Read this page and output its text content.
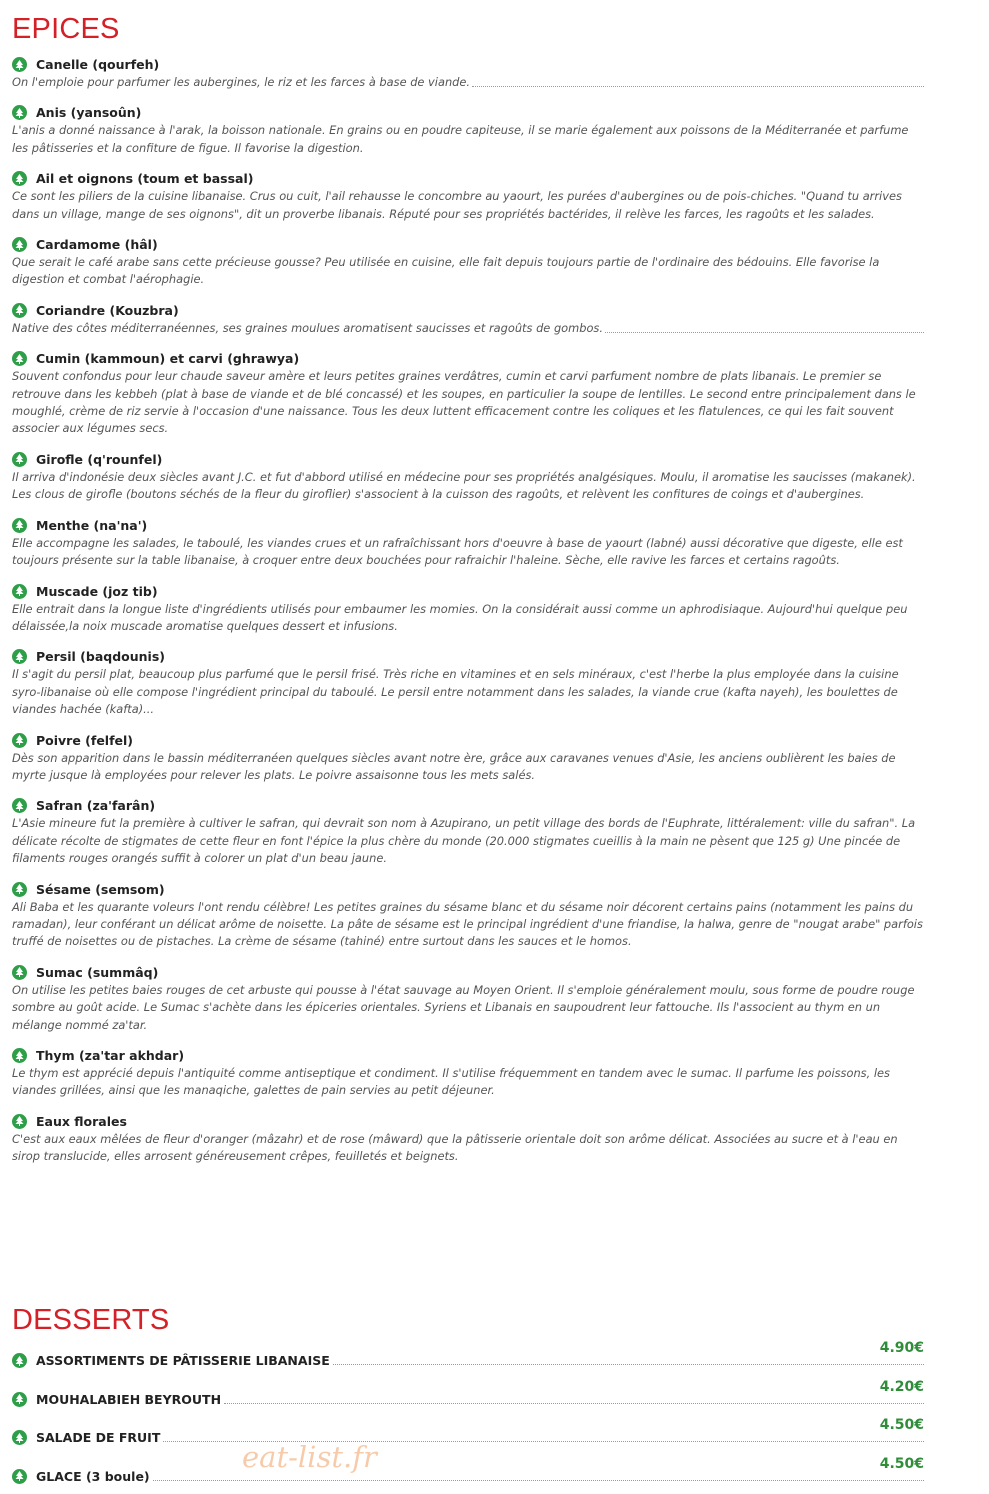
EPICES
Canelle (qourfeh)
On l'emploie pour parfumer les aubergines, le riz et les farces à base de viande.
Anis (yansoûn)
L'anis a donné naissance à l'arak, la boisson nationale. En grains ou en poudre capiteuse, il se marie également aux poissons de la Méditerranée et parfume les pâtisseries et la confiture de figue. Il favorise la digestion.
Ail et oignons (toum et bassal)
Ce sont les piliers de la cuisine libanaise. Crus ou cuit, l'ail rehausse le concombre au yaourt, les purées d'aubergines ou de pois-chiches. "Quand tu arrives dans un village, mange de ses oignons", dit un proverbe libanais. Réputé pour ses propriétés bactérides, il relève les farces, les ragoûts et les salades.
Cardamome (hâl)
Que serait le café arabe sans cette précieuse gousse? Peu utilisée en cuisine, elle fait depuis toujours partie de l'ordinaire des bédouins. Elle favorise la digestion et combat l'aérophagie.
Coriandre (Kouzbra)
Native des côtes méditerranéennes, ses graines moulues aromatisent saucisses et ragoûts de gombos.
Cumin (kammoun) et carvi (ghrawya)
Souvent confondus pour leur chaude saveur amère et leurs petites graines verdâtres, cumin et carvi parfument nombre de plats libanais. Le premier se retrouve dans les kebbeh (plat à base de viande et de blé concassé) et les soupes, en particulier la soupe de lentilles. Le second entre principalement dans le moughlé, crème de riz servie à l'occasion d'une naissance. Tous les deux luttent efficacement contre les coliques et les flatulences, ce qui les fait souvent associer aux légumes secs.
Girofle (q'rounfel)
Il arriva d'indonésie deux siècles avant J.C. et fut d'abbord utilisé en médecine pour ses propriétés analgésiques. Moulu, il aromatise les saucisses (makanek). Les clous de girofle (boutons séchés de la fleur du giroflier) s'associent à la cuisson des ragoûts, et relèvent les confitures de coings et d'aubergines.
Menthe (na'na')
Elle accompagne les salades, le taboulé, les viandes crues et un rafraîchissant hors d'oeuvre à base de yaourt (labné) aussi décorative que digeste, elle est toujours présente sur la table libanaise, à croquer entre deux bouchées pour rafraichir l'haleine. Sèche, elle ravive les farces et certains ragoûts.
Muscade (joz tib)
Elle entrait dans la longue liste d'ingrédients utilisés pour embaumer les momies. On la considérait aussi comme un aphrodisiaque. Aujourd'hui quelque peu délaissée,la noix muscade aromatise quelques dessert et infusions.
Persil (baqdounis)
Il s'agit du persil plat, beaucoup plus parfumé que le persil frisé. Très riche en vitamines et en sels minéraux, c'est l'herbe la plus employée dans la cuisine syro-libanaise où elle compose l'ingrédient principal du taboulé. Le persil entre notamment dans les salades, la viande crue (kafta nayeh), les boulettes de viandes hachée (kafta)...
Poivre (felfel)
Dès son apparition dans le bassin méditerranéen quelques siècles avant notre ère, grâce aux caravanes venues d'Asie, les anciens oublièrent les baies de myrte jusque là employées pour relever les plats. Le poivre assaisonne tous les mets salés.
Safran (za'farân)
L'Asie mineure fut la première à cultiver le safran, qui devrait son nom à Azupirano, un petit village des bords de l'Euphrate, littéralement: ville du safran". La délicate récolte de stigmates de cette fleur en font l'épice la plus chère du monde (20.000 stigmates cueillis à la main ne pèsent que 125 g) Une pincée de filaments rouges orangés suffit à colorer un plat d'un beau jaune.
Sésame (semsom)
Ali Baba et les quarante voleurs l'ont rendu célèbre! Les petites graines du sésame blanc et du sésame noir décorent certains pains (notamment les pains du ramadan), leur conférant un délicat arôme de noisette. La pâte de sésame est le principal ingrédient d'une friandise, la halwa, genre de "nougat arabe" parfois truffé de noisettes ou de pistaches. La crème de sésame (tahiné) entre surtout dans les sauces et le homos.
Sumac (summâq)
On utilise les petites baies rouges de cet arbuste qui pousse à l'état sauvage au Moyen Orient. Il s'emploie généralement moulu, sous forme de poudre rouge sombre au goût acide. Le Sumac s'achète dans les épiceries orientales. Syriens et Libanais en saupoudrent leur fattouche. Ils l'associent au thym en un mélange nommé za'tar.
Thym (za'tar akhdar)
Le thym est apprécié depuis l'antiquité comme antiseptique et condiment. Il s'utilise fréquemment en tandem avec le sumac. Il parfume les poissons, les viandes grillées, ainsi que les manaqiche, galettes de pain servies au petit déjeuner.
Eaux florales
C'est aux eaux mêlées de fleur d'oranger (mâzahr) et de rose (mâward) que la pâtisserie orientale doit son arôme délicat. Associées au sucre et à l'eau en sirop translucide, elles arrosent généreusement crêpes, feuilletés et beignets.
DESSERTS
4.90€
ASSORTIMENTS DE PÂTISSERIE LIBANAISE
4.20€
MOUHALABIEH BEYROUTH
4.50€
SALADE DE FRUIT
4.50€
GLACE (3 boule)
eat-list.fr
